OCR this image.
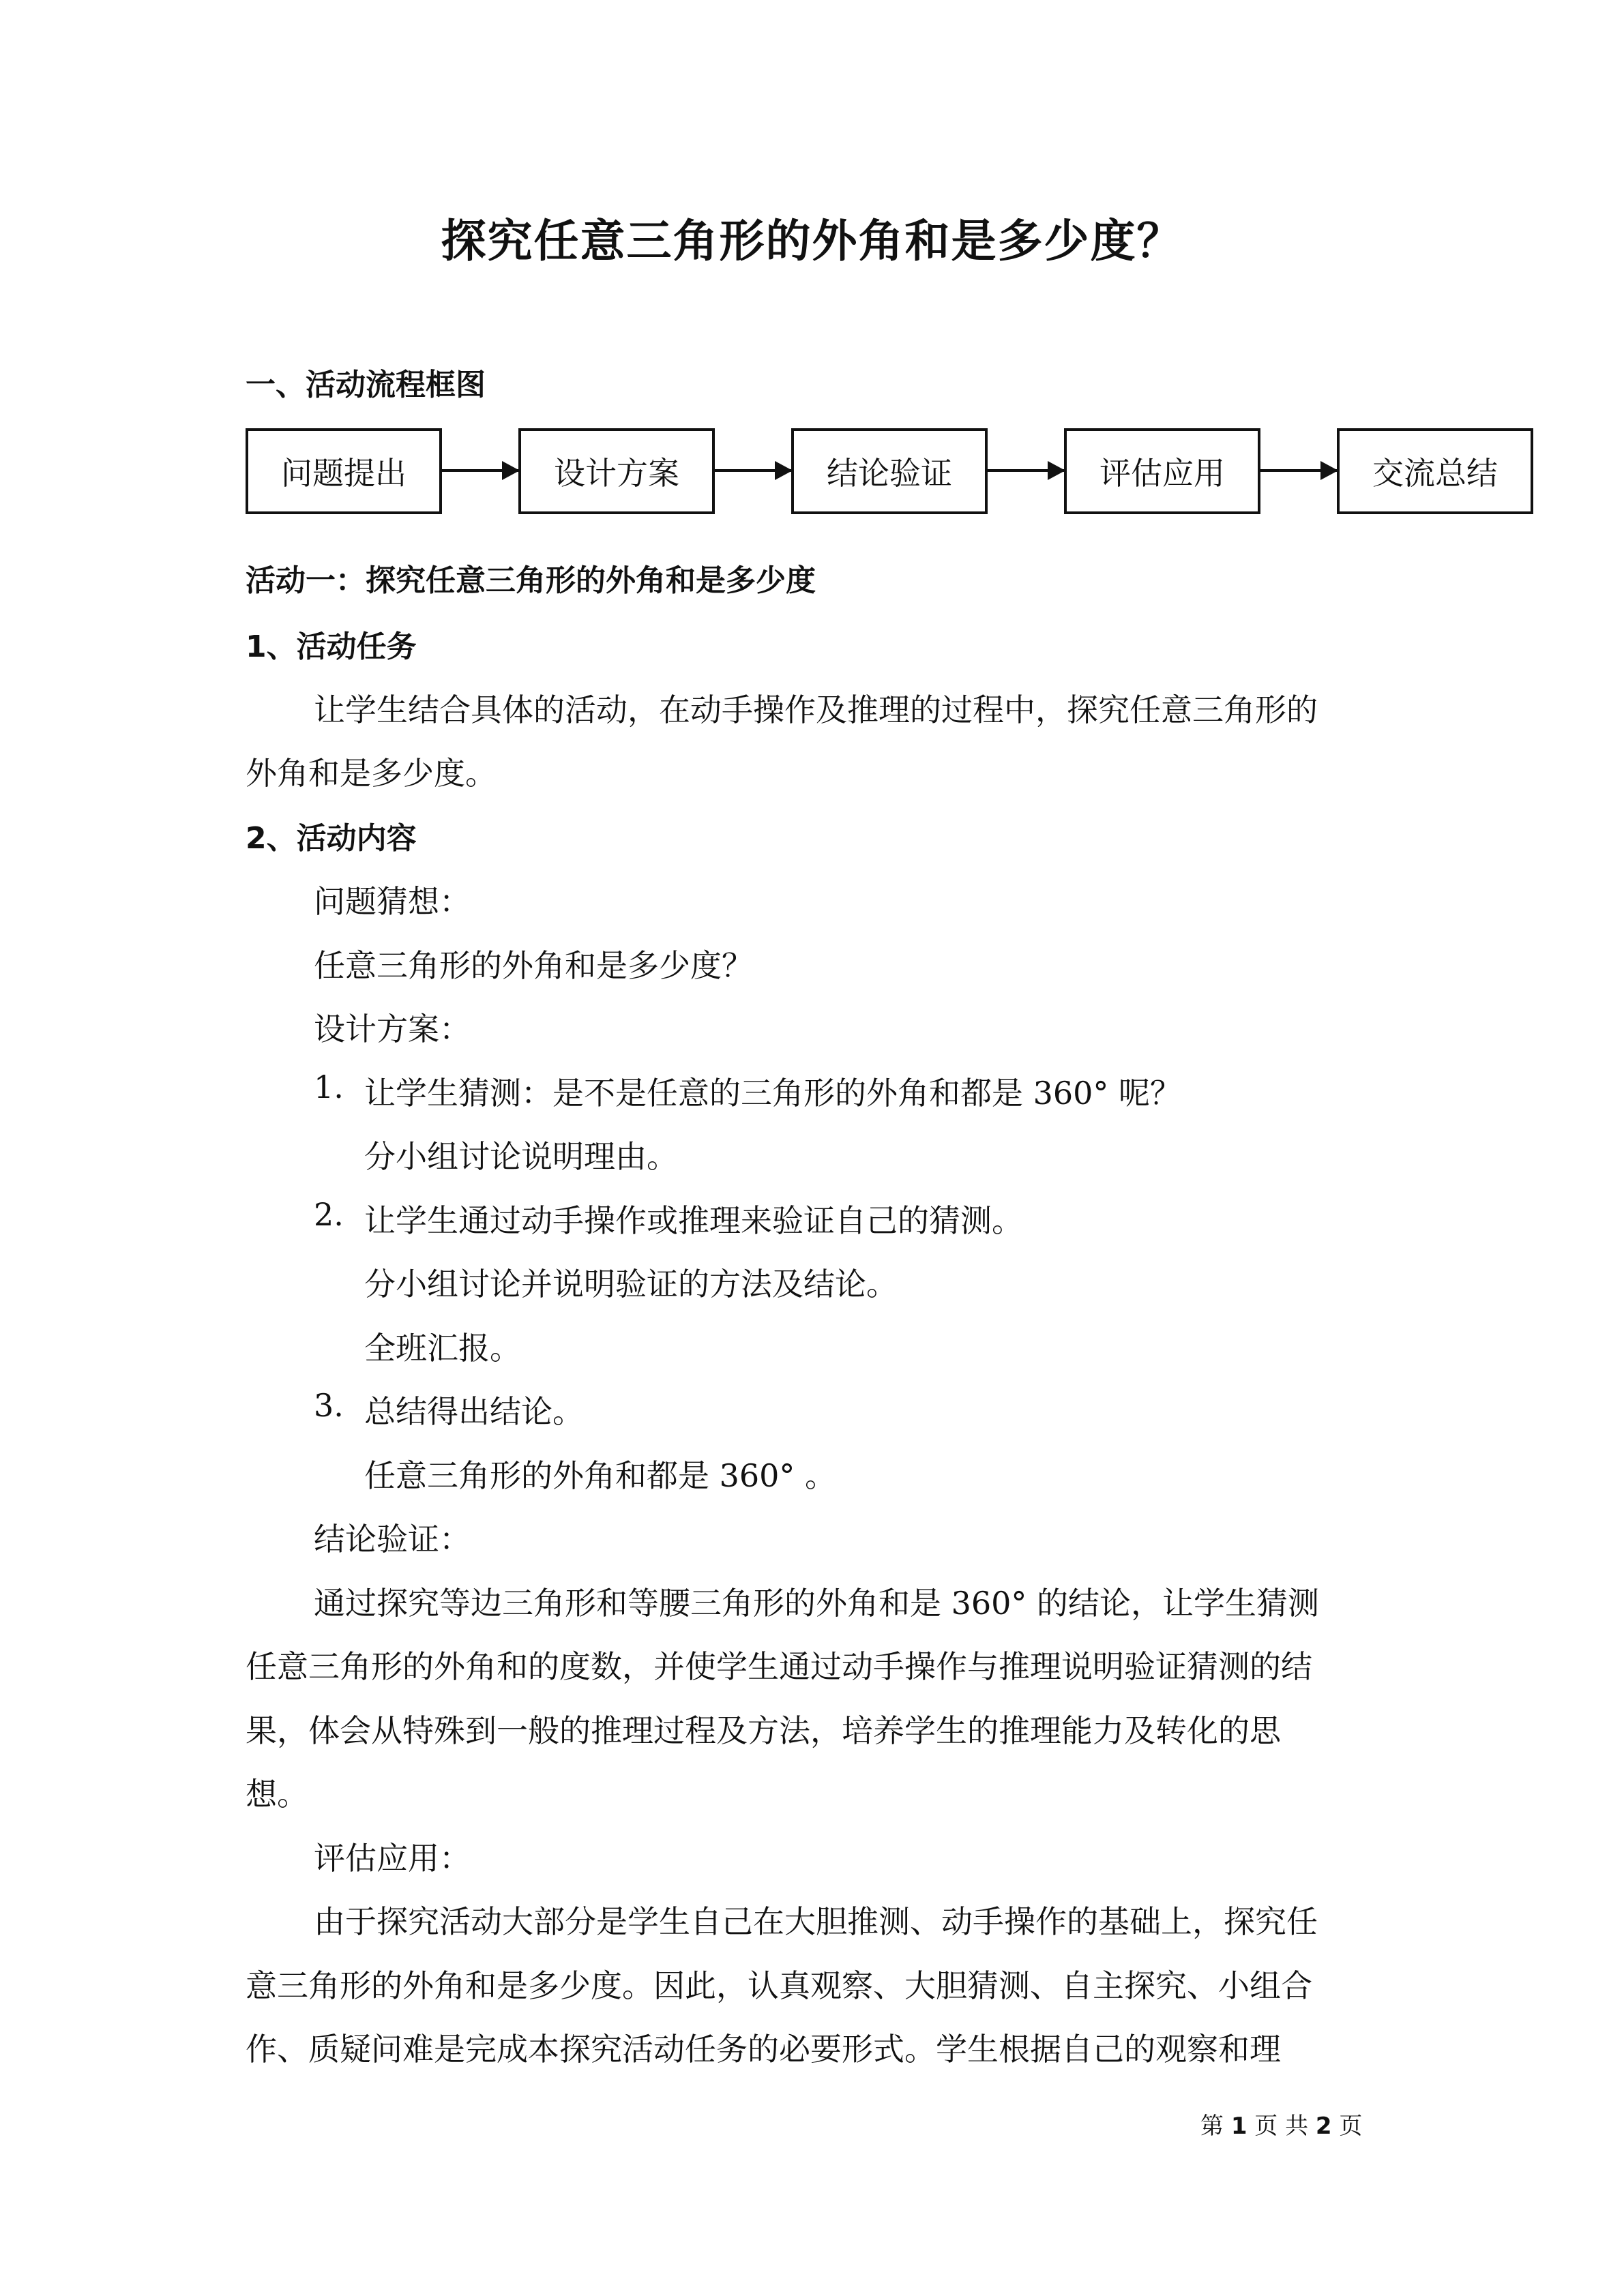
探究任意三角形的外角和是多少度？
一、活动流程框图
问题提出	设计方案	结论验证	评估应用	交流总结
活动一：探究任意三角形的外角和是多少度
1、活动任务
让学生结合具体的活动，在动手操作及推理的过程中，探究任意三角形的
外角和是多少度。
2、活动内容
问题猜想：
任意三角形的外角和是多少度？
设计方案：
1. 让学生猜测：是不是任意的三角形的外角和都是 360° 呢？
分小组讨论说明理由。
2. 让学生通过动手操作或推理来验证自己的猜测。
分小组讨论并说明验证的方法及结论。
全班汇报。
3. 总结得出结论。
任意三角形的外角和都是 360° 。
结论验证：
通过探究等边三角形和等腰三角形的外角和是 360° 的结论，让学生猜测
任意三角形的外角和的度数，并使学生通过动手操作与推理说明验证猜测的结
果，体会从特殊到一般的推理过程及方法，培养学生的推理能力及转化的思
想。
评估应用：
由于探究活动大部分是学生自己在大胆推测、动手操作的基础上，探究任
意三角形的外角和是多少度。因此，认真观察、大胆猜测、自主探究、小组合
作、质疑问难是完成本探究活动任务的必要形式。学生根据自己的观察和理
第 1 页 共 2 页
